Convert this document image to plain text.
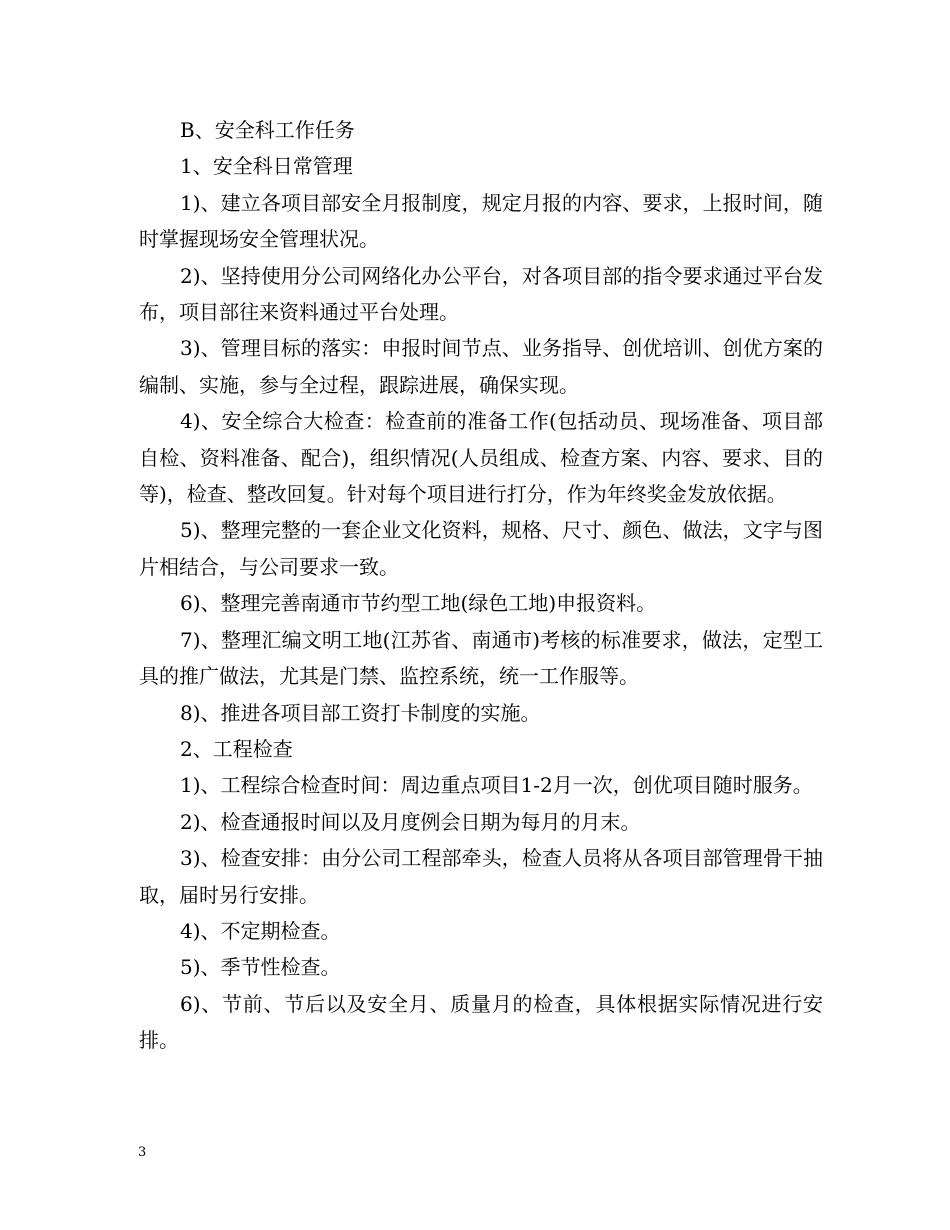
B、安全科工作任务

1、安全科日常管理

1)、建立各项目部安全月报制度，规定月报的内容、要求，上报时间，随时掌握现场安全管理状况。

2)、坚持使用分公司网络化办公平台，对各项目部的指令要求通过平台发布，项目部往来资料通过平台处理。

3)、管理目标的落实：申报时间节点、业务指导、创优培训、创优方案的编制、实施，参与全过程，跟踪进展，确保实现。

4)、安全综合大检查：检查前的准备工作(包括动员、现场准备、项目部自检、资料准备、配合)，组织情况(人员组成、检查方案、内容、要求、目的等)，检查、整改回复。针对每个项目进行打分，作为年终奖金发放依据。

5)、整理完整的一套企业文化资料，规格、尺寸、颜色、做法，文字与图片相结合，与公司要求一致。

6)、整理完善南通市节约型工地(绿色工地)申报资料。

7)、整理汇编文明工地(江苏省、南通市)考核的标准要求，做法，定型工具的推广做法，尤其是门禁、监控系统，统一工作服等。

8)、推进各项目部工资打卡制度的实施。

2、工程检查

1)、工程综合检查时间：周边重点项目1-2月一次，创优项目随时服务。

2)、检查通报时间以及月度例会日期为每月的月末。

3)、检查安排：由分公司工程部牵头，检查人员将从各项目部管理骨干抽取，届时另行安排。

4)、不定期检查。

5)、季节性检查。

6)、节前、节后以及安全月、质量月的检查，具体根据实际情况进行安排。

3
